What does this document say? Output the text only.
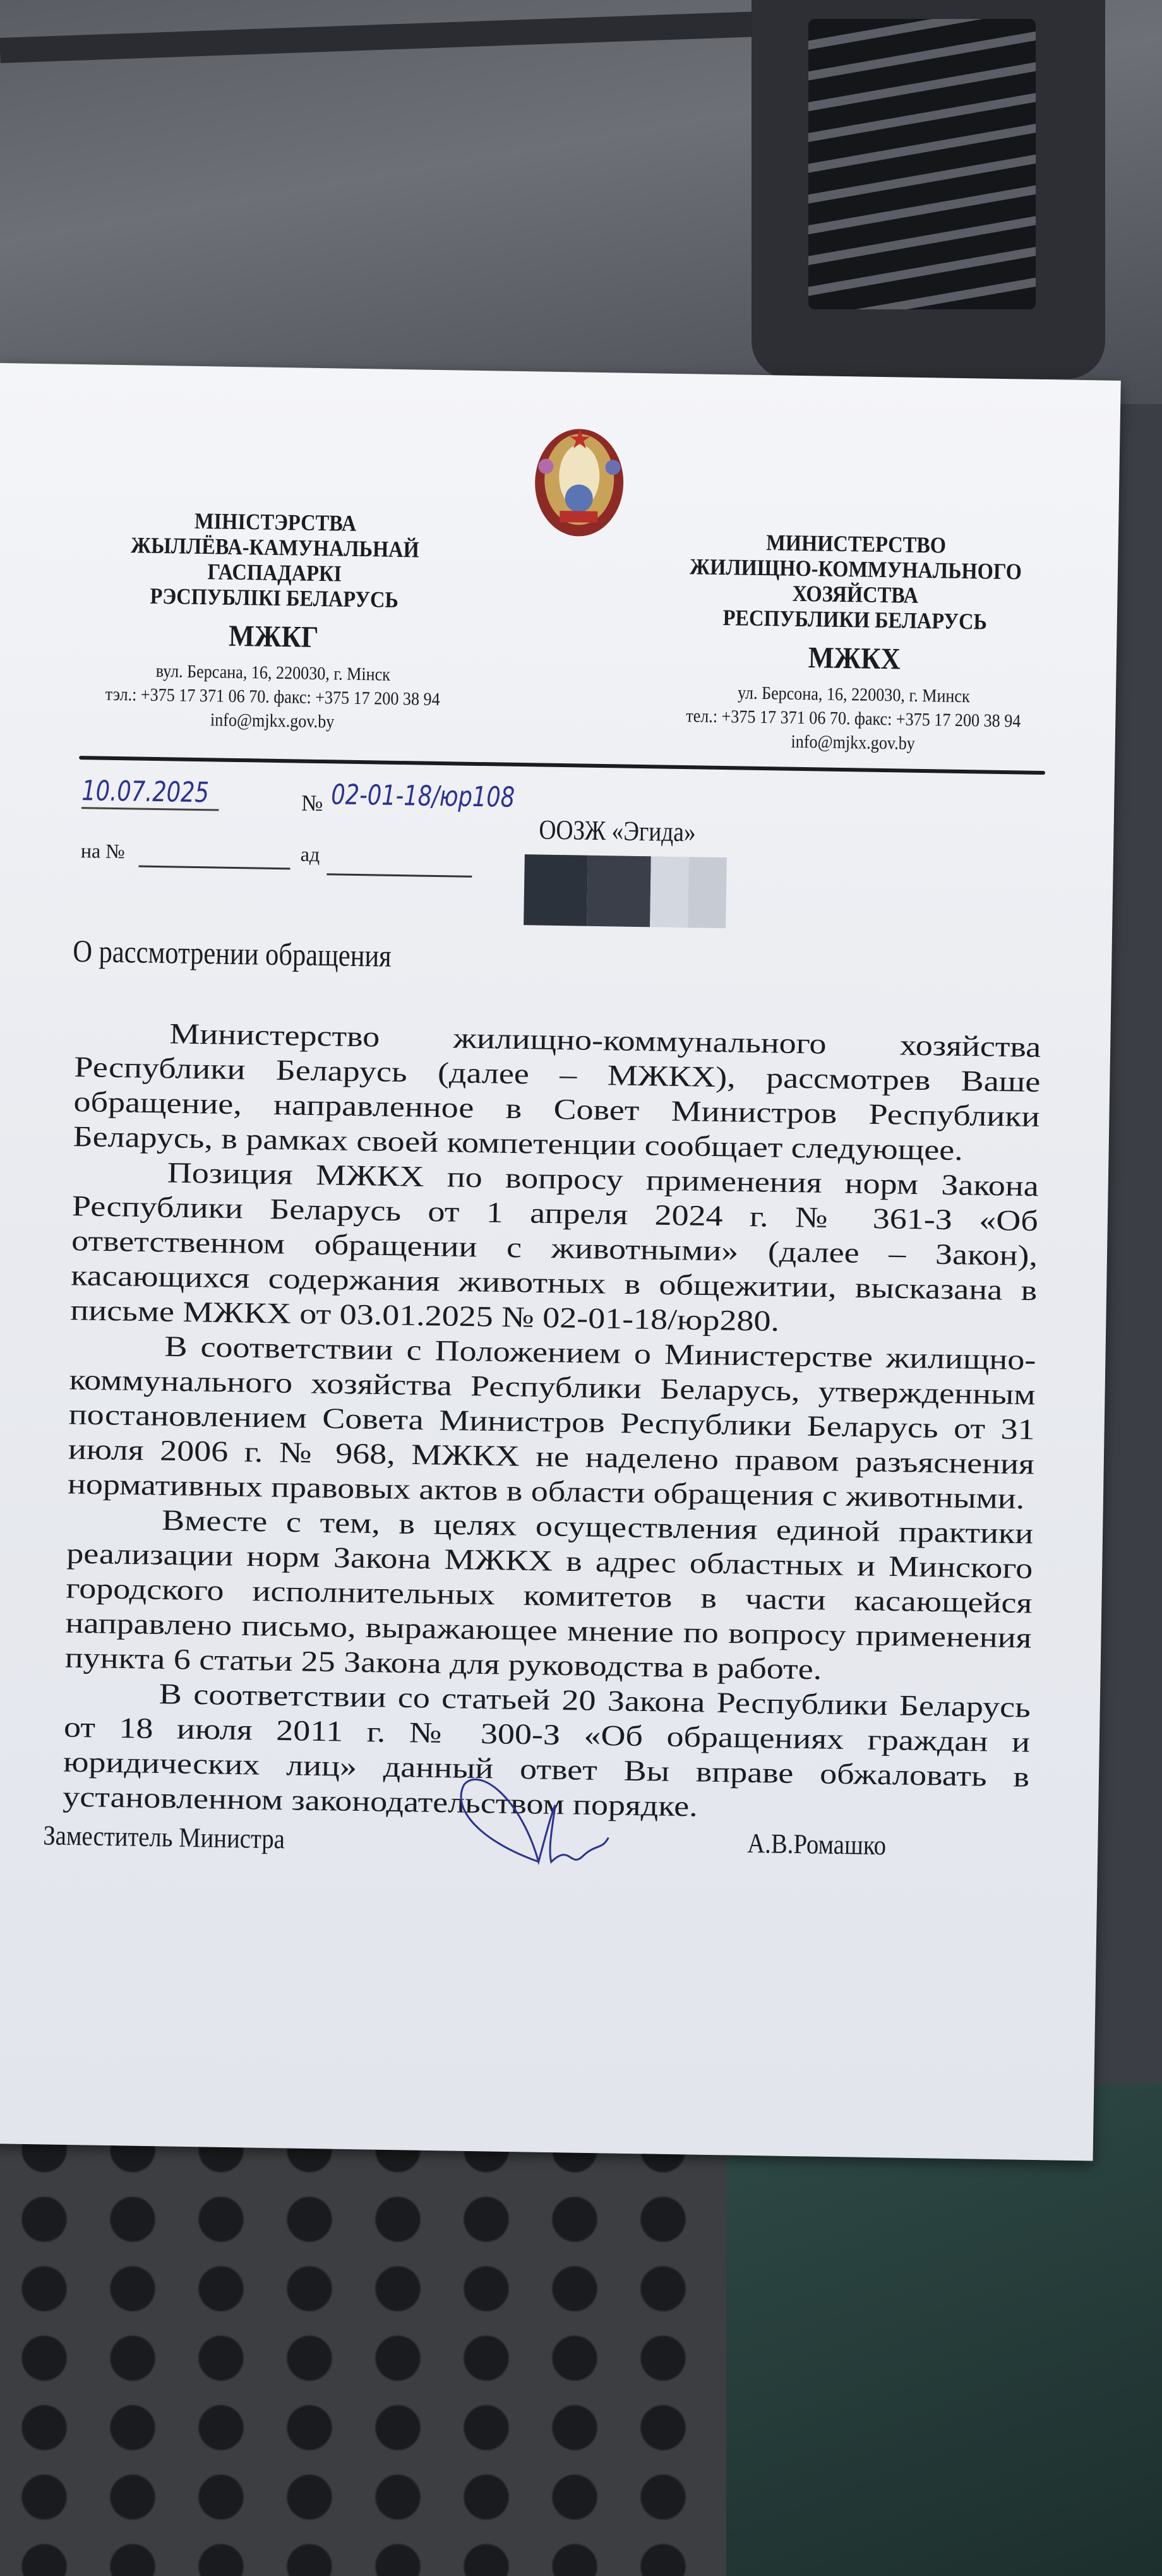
МІНІСТЭРСТВА
ЖЫЛЛЁВА-КАМУНАЛЬНАЙ
ГАСПАДАРКІ
РЭСПУБЛІКІ БЕЛАРУСЬ
МЖКГ
вул. Берсана, 16, 220030, г. Мінск
тэл.: +375 17 371 06 70. факс: +375 17 200 38 94
info@mjkx.gov.by
МИНИСТЕРСТВО
ЖИЛИЩНО-КОММУНАЛЬНОГО
ХОЗЯЙСТВА
РЕСПУБЛИКИ БЕЛАРУСЬ
МЖКХ
ул. Берсона, 16, 220030, г. Минск
тел.: +375 17 371 06 70. факс: +375 17 200 38 94
info@mjkx.gov.by
10.07.2025	№ 02-01-18/юр108
на №	ад
ООЗЖ «Эгида»
О рассмотрении обращения

Министерство жилищно-коммунального хозяйства Республики Беларусь (далее – МЖКХ), рассмотрев Ваше обращение, направленное в Совет Министров Республики Беларусь, в рамках своей компетенции сообщает следующее.

Позиция МЖКХ по вопросу применения норм Закона Республики Беларусь от 1 апреля 2024 г. № 361-З «Об ответственном обращении с животными» (далее – Закон), касающихся содержания животных в общежитии, высказана в письме МЖКХ от 03.01.2025 № 02-01-18/юр280.

В соответствии с Положением о Министерстве жилищно-коммунального хозяйства Республики Беларусь, утвержденным постановлением Совета Министров Республики Беларусь от 31 июля 2006 г. № 968, МЖКХ не наделено правом разъяснения нормативных правовых актов в области обращения с животными.

Вместе с тем, в целях осуществления единой практики реализации норм Закона МЖКХ в адрес областных и Минского городского исполнительных комитетов в части касающейся направлено письмо, выражающее мнение по вопросу применения пункта 6 статьи 25 Закона для руководства в работе.

В соответствии со статьей 20 Закона Республики Беларусь от 18 июля 2011 г. № 300-З «Об обращениях граждан и юридических лиц» данный ответ Вы вправе обжаловать в установленном законодательством порядке.

Заместитель Министра	А.В.Ромашко
